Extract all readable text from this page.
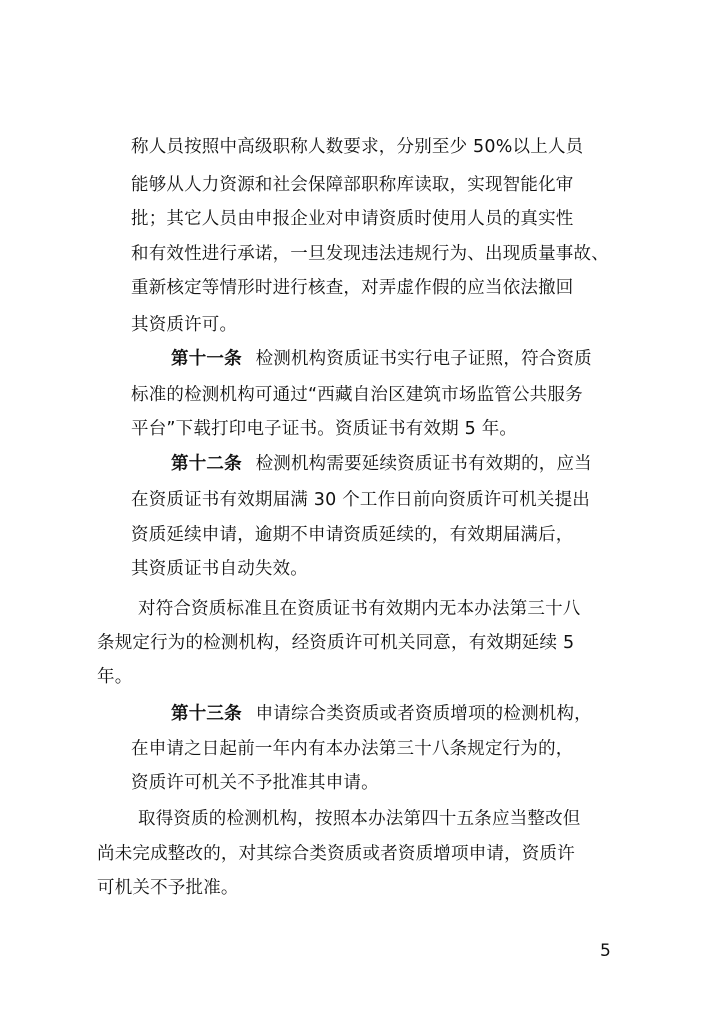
称人员按照中高级职称人数要求，分别至少 50%以上人员
能够从人力资源和社会保障部职称库读取，实现智能化审
批；其它人员由申报企业对申请资质时使用人员的真实性
和有效性进行承诺，一旦发现违法违规行为、出现质量事故、
重新核定等情形时进行核查，对弄虚作假的应当依法撤回
其资质许可。
第十一条 检测机构资质证书实行电子证照，符合资质
标准的检测机构可通过“西藏自治区建筑市场监管公共服务
平台”下载打印电子证书。资质证书有效期 5 年。
第十二条 检测机构需要延续资质证书有效期的，应当
在资质证书有效期届满 30 个工作日前向资质许可机关提出
资质延续申请，逾期不申请资质延续的，有效期届满后，
其资质证书自动失效。
对符合资质标准且在资质证书有效期内无本办法第三十八
条规定行为的检测机构，经资质许可机关同意，有效期延续 5
年。
第十三条 申请综合类资质或者资质增项的检测机构，
在申请之日起前一年内有本办法第三十八条规定行为的，
资质许可机关不予批准其申请。
取得资质的检测机构，按照本办法第四十五条应当整改但
尚未完成整改的，对其综合类资质或者资质增项申请，资质许
可机关不予批准。
5
